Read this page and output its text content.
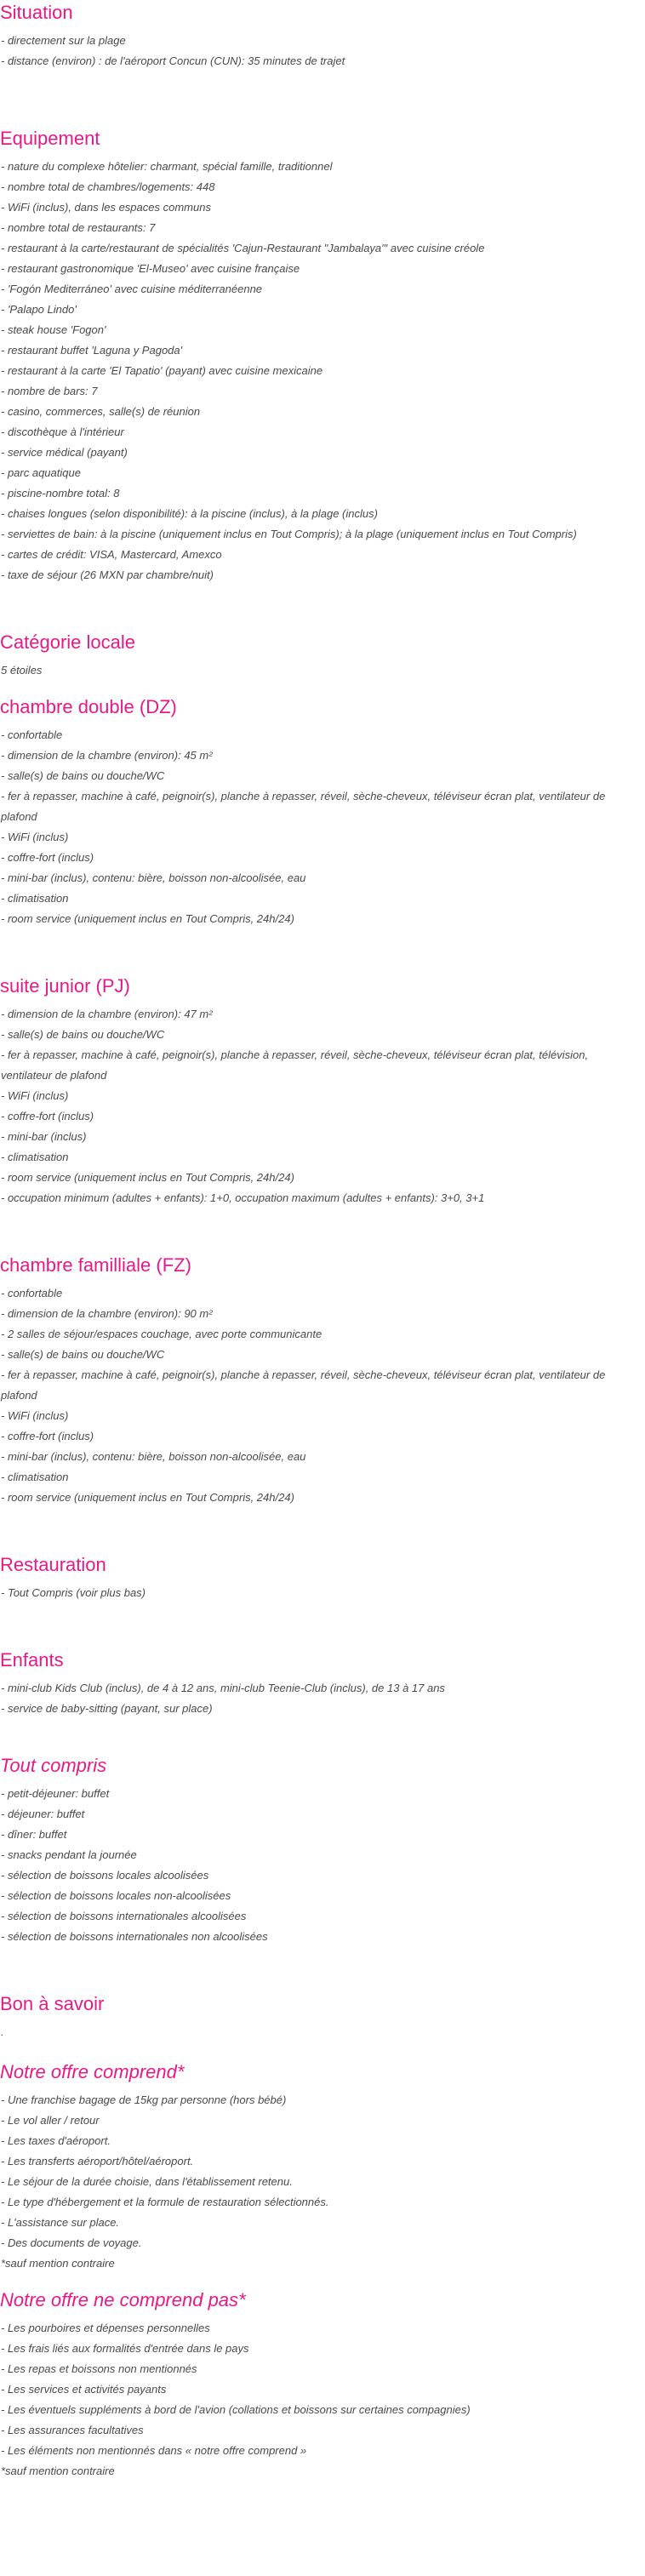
Situation
- directement sur la plage
- distance (environ) : de l'aéroport Concun (CUN): 35 minutes de trajet
Equipement
- nature du complexe hôtelier: charmant, spécial famille, traditionnel
- nombre total de chambres/logements: 448
- WiFi (inclus), dans les espaces communs
- nombre total de restaurants: 7
- restaurant à la carte/restaurant de spécialités 'Cajun-Restaurant "Jambalaya"' avec cuisine créole
- restaurant gastronomique 'El-Museo' avec cuisine française
- 'Fogón Mediterráneo' avec cuisine méditerranéenne
- 'Palapo Lindo'
- steak house 'Fogon'
- restaurant buffet 'Laguna y Pagoda'
- restaurant à la carte 'El Tapatio' (payant) avec cuisine mexicaine
- nombre de bars: 7
- casino, commerces, salle(s) de réunion
- discothèque à l'intérieur
- service médical (payant)
- parc aquatique
- piscine-nombre total: 8
- chaises longues (selon disponibilité): à la piscine (inclus), à la plage (inclus)
- serviettes de bain: à la piscine (uniquement inclus en Tout Compris); à la plage (uniquement inclus en Tout Compris)
- cartes de crédit: VISA, Mastercard, Amexco
- taxe de séjour (26 MXN par chambre/nuit)
Catégorie locale
5 étoiles
chambre double (DZ)
- confortable
- dimension de la chambre (environ): 45 m²
- salle(s) de bains ou douche/WC
- fer à repasser, machine à café, peignoir(s), planche à repasser, réveil, sèche-cheveux, téléviseur écran plat, ventilateur de plafond
- WiFi (inclus)
- coffre-fort (inclus)
- mini-bar (inclus), contenu: bière, boisson non-alcoolisée, eau
- climatisation
- room service (uniquement inclus en Tout Compris, 24h/24)
suite junior (PJ)
- dimension de la chambre (environ): 47 m²
- salle(s) de bains ou douche/WC
- fer à repasser, machine à café, peignoir(s), planche à repasser, réveil, sèche-cheveux, téléviseur écran plat, télévision, ventilateur de plafond
- WiFi (inclus)
- coffre-fort (inclus)
- mini-bar (inclus)
- climatisation
- room service (uniquement inclus en Tout Compris, 24h/24)
- occupation minimum (adultes + enfants): 1+0, occupation maximum (adultes + enfants): 3+0, 3+1
chambre familliale (FZ)
- confortable
- dimension de la chambre (environ): 90 m²
- 2 salles de séjour/espaces couchage, avec porte communicante
- salle(s) de bains ou douche/WC
- fer à repasser, machine à café, peignoir(s), planche à repasser, réveil, sèche-cheveux, téléviseur écran plat, ventilateur de plafond
- WiFi (inclus)
- coffre-fort (inclus)
- mini-bar (inclus), contenu: bière, boisson non-alcoolisée, eau
- climatisation
- room service (uniquement inclus en Tout Compris, 24h/24)
Restauration
- Tout Compris (voir plus bas)
Enfants
- mini-club Kids Club (inclus), de 4 à 12 ans, mini-club Teenie-Club (inclus), de 13 à 17 ans
- service de baby-sitting (payant, sur place)
Tout compris
- petit-déjeuner: buffet
- déjeuner: buffet
- dîner: buffet
- snacks pendant la journée
- sélection de boissons locales alcoolisées
- sélection de boissons locales non-alcoolisées
- sélection de boissons internationales alcoolisées
- sélection de boissons internationales non alcoolisées
Bon à savoir
.
Notre offre comprend*
- Une franchise bagage de 15kg par personne (hors bébé)
- Le vol aller / retour
- Les taxes d'aéroport.
- Les transferts aéroport/hôtel/aéroport.
- Le séjour de la durée choisie, dans l'établissement retenu.
- Le type d'hébergement et la formule de restauration sélectionnés.
- L'assistance sur place.
- Des documents de voyage.
*sauf mention contraire
Notre offre ne comprend pas*
- Les pourboires et dépenses personnelles
- Les frais liés aux formalités d'entrée dans le pays
- Les repas et boissons non mentionnés
- Les services et activités payants
- Les éventuels suppléments à bord de l'avion (collations et boissons sur certaines compagnies)
- Les assurances facultatives
- Les éléments non mentionnés dans « notre offre comprend »
*sauf mention contraire
